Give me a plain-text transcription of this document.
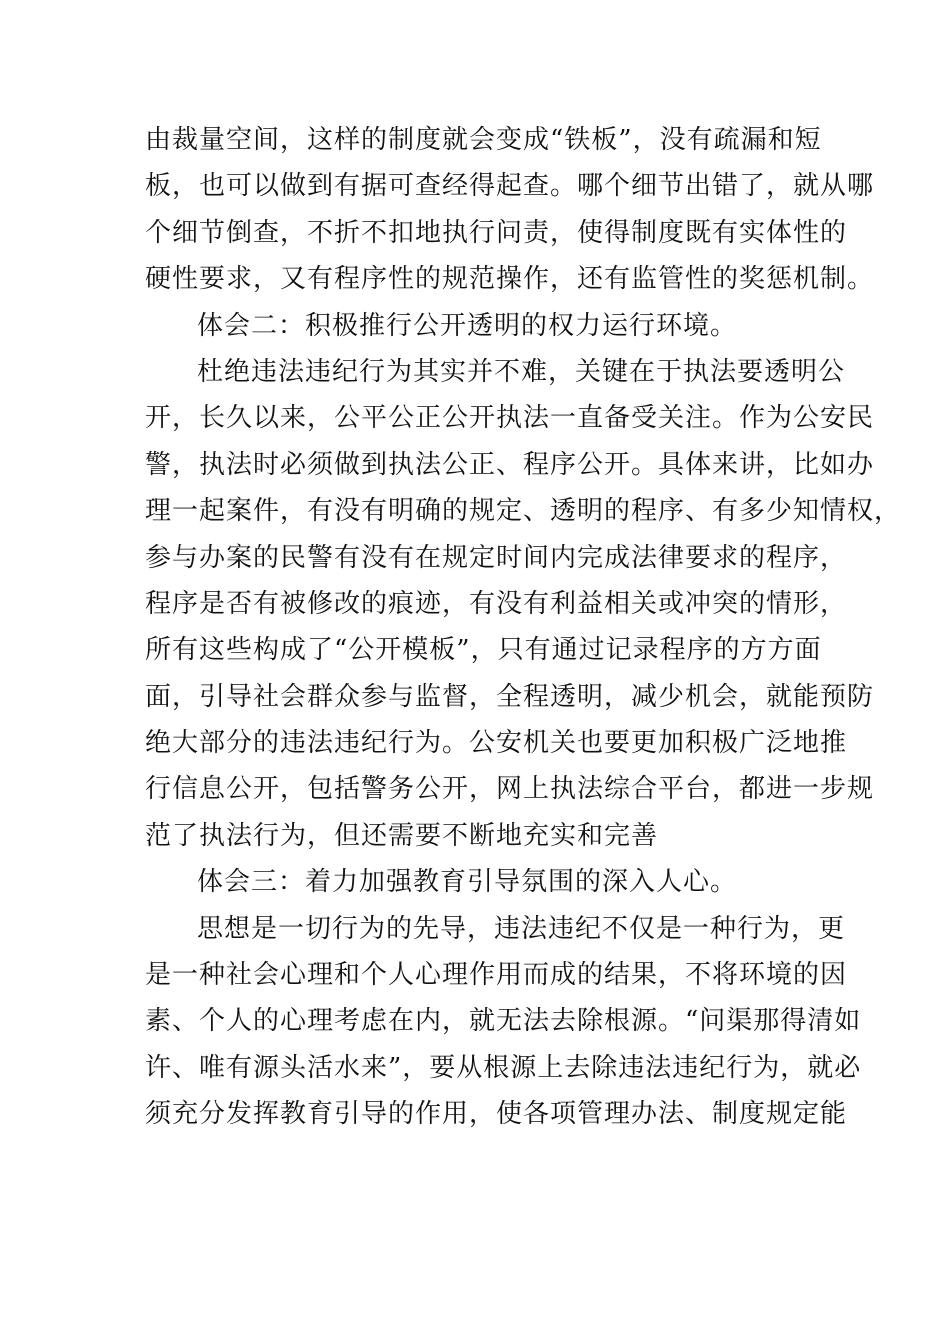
由裁量空间，这样的制度就会变成“铁板”，没有疏漏和短
板，也可以做到有据可查经得起查。哪个细节出错了，就从哪
个细节倒查，不折不扣地执行问责，使得制度既有实体性的
硬性要求，又有程序性的规范操作，还有监管性的奖惩机制。
体会二：积极推行公开透明的权力运行环境。
杜绝违法违纪行为其实并不难，关键在于执法要透明公
开，长久以来，公平公正公开执法一直备受关注。作为公安民
警，执法时必须做到执法公正、程序公开。具体来讲，比如办
理一起案件，有没有明确的规定、透明的程序、有多少知情权，
参与办案的民警有没有在规定时间内完成法律要求的程序，
程序是否有被修改的痕迹，有没有利益相关或冲突的情形，
所有这些构成了“公开模板”，只有通过记录程序的方方面
面，引导社会群众参与监督，全程透明，减少机会，就能预防
绝大部分的违法违纪行为。公安机关也要更加积极广泛地推
行信息公开，包括警务公开，网上执法综合平台，都进一步规
范了执法行为，但还需要不断地充实和完善
体会三：着力加强教育引导氛围的深入人心。
思想是一切行为的先导，违法违纪不仅是一种行为，更
是一种社会心理和个人心理作用而成的结果，不将环境的因
素、个人的心理考虑在内，就无法去除根源。“问渠那得清如
许、唯有源头活水来”，要从根源上去除违法违纪行为，就必
须充分发挥教育引导的作用，使各项管理办法、制度规定能
